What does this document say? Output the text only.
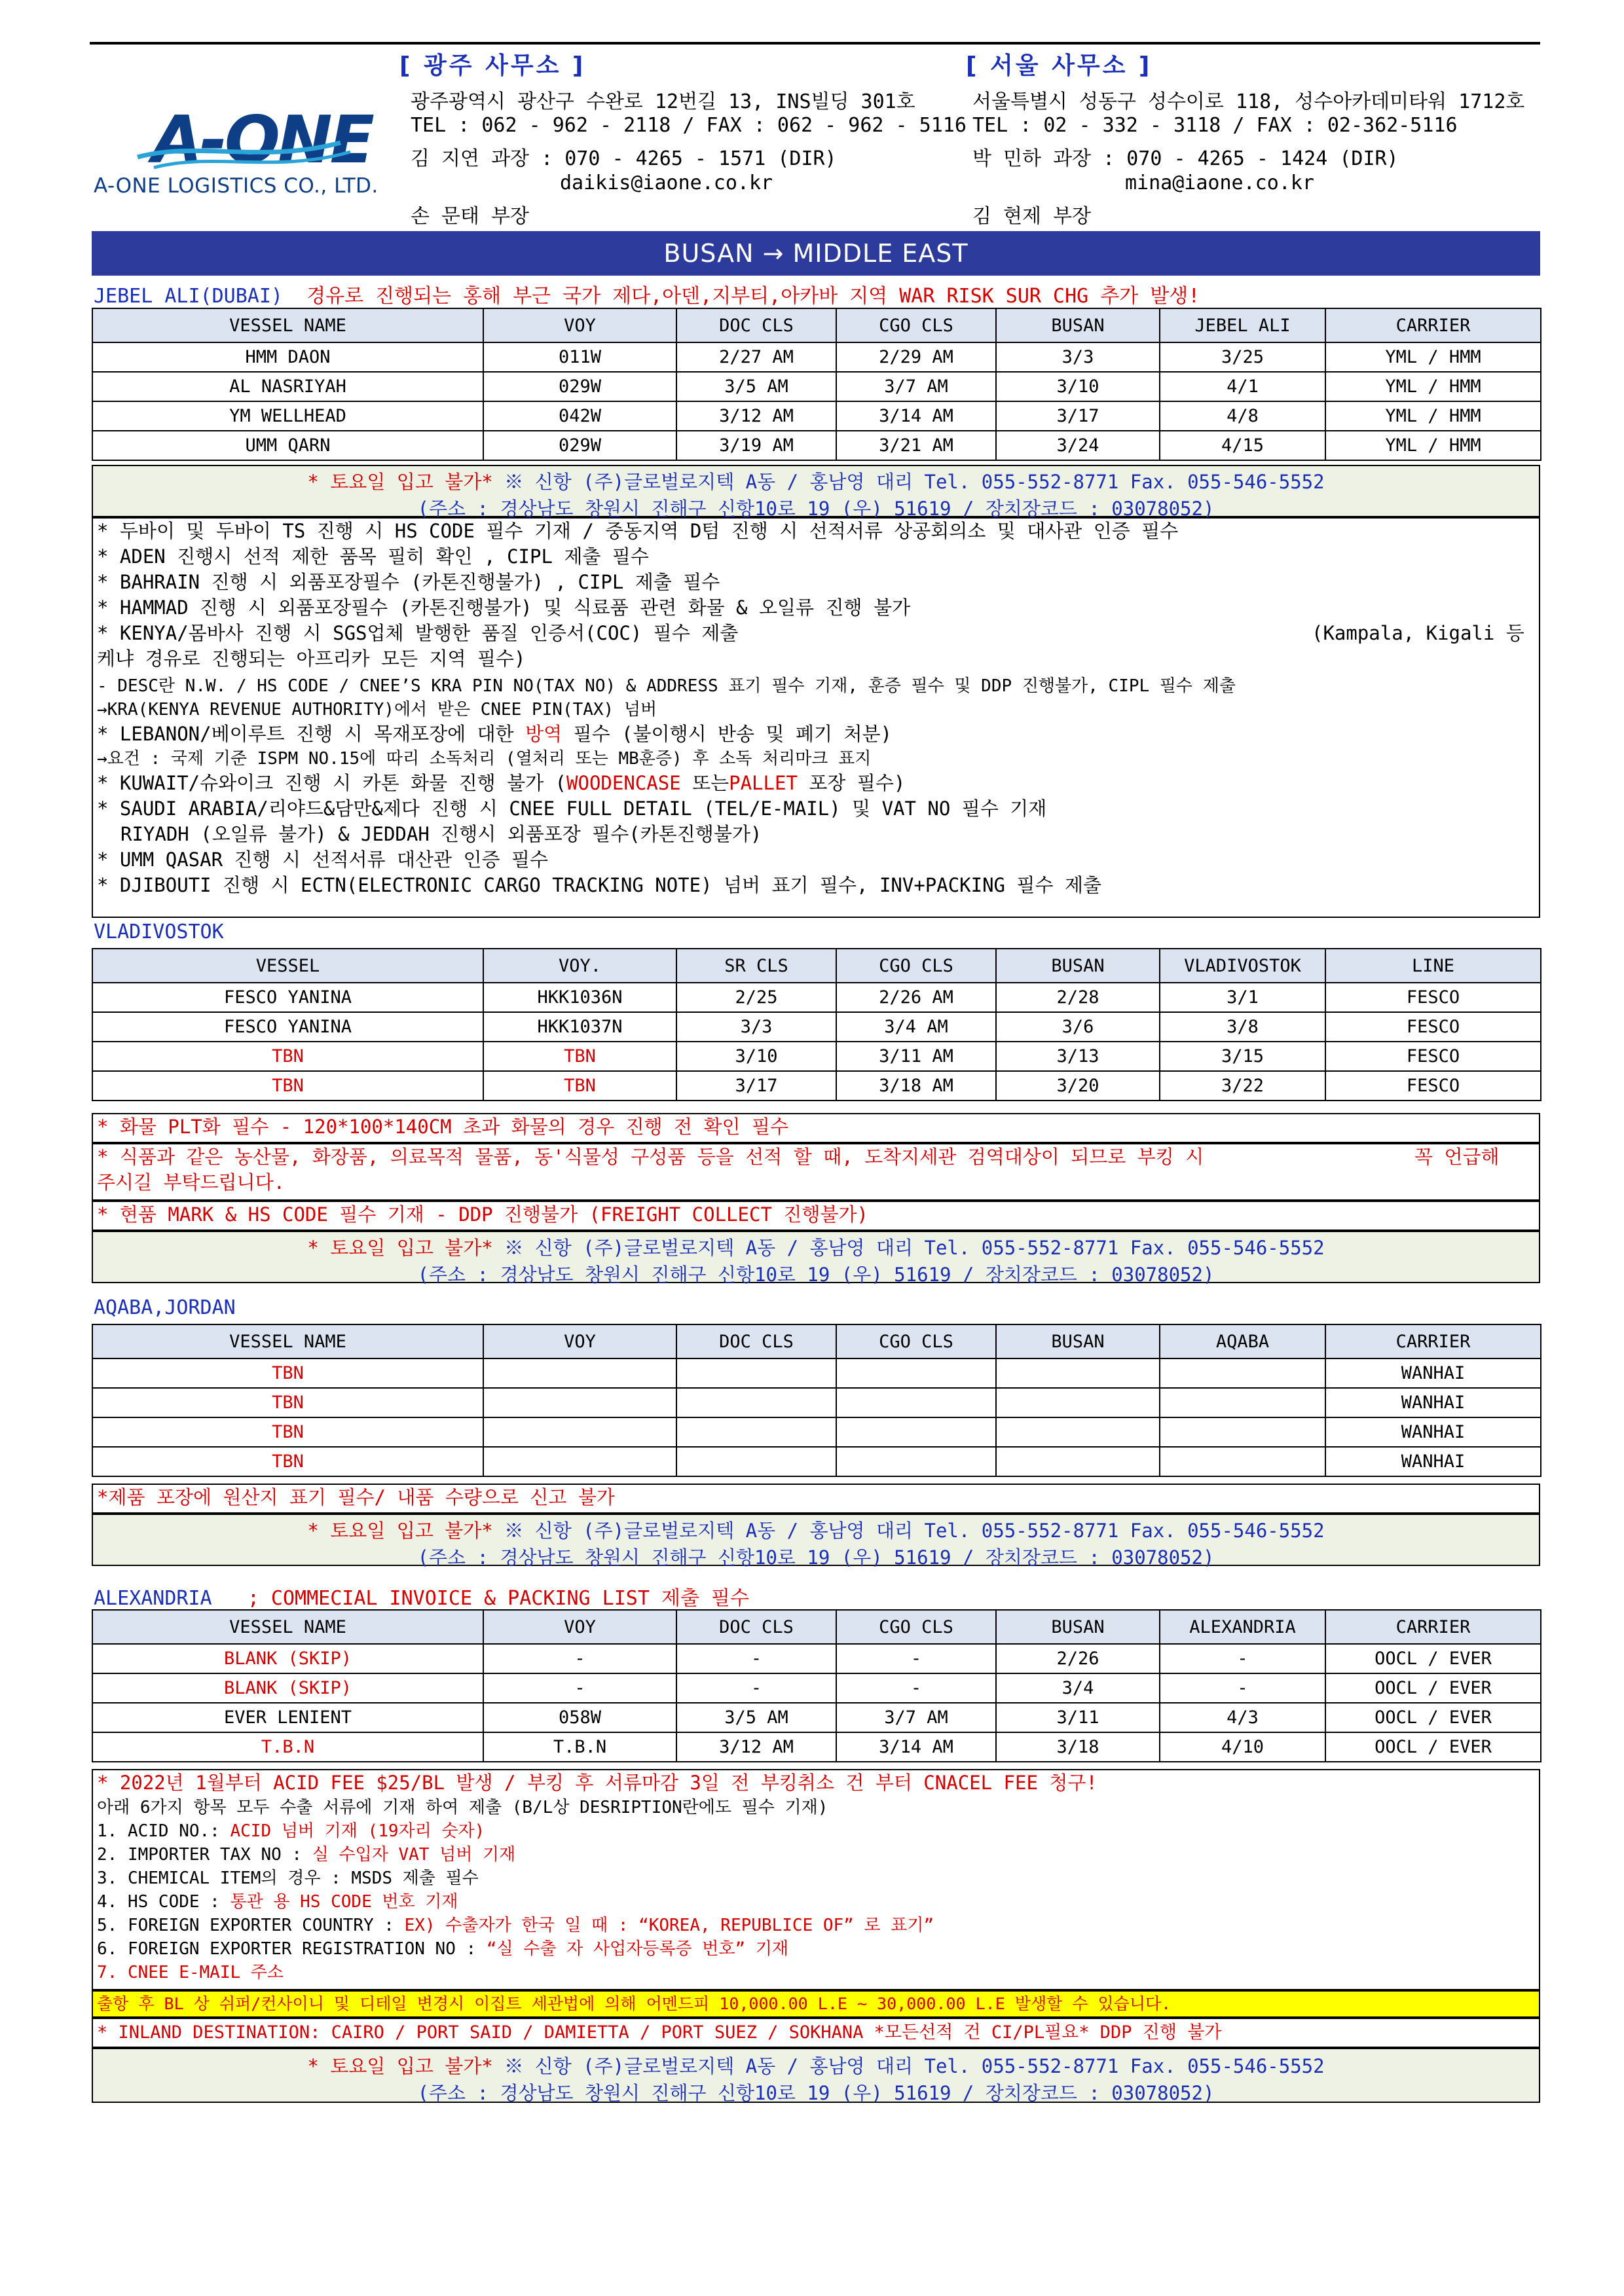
A-ONE
A-ONE LOGISTICS CO., LTD.
[ 광주 사무소 ]
광주광역시 광산구 수완로 12번길 13, INS빌딩 301호
TEL : 062 - 962 - 2118 / FAX : 062 - 962 - 5116
김 지연 과장 : 070 - 4265 - 1571 (DIR)
daikis@iaone.co.kr
손 문태 부장
[ 서울 사무소 ]
서울특별시 성동구 성수이로 118, 성수아카데미타워 1712호
TEL : 02 - 332 - 3118 / FAX : 02-362-5116
박 민하 과장 : 070 - 4265 - 1424 (DIR)
mina@iaone.co.kr
김 현제 부장
BUSAN → MIDDLE EAST
JEBEL ALI(DUBAI) 경유로 진행되는 홍해 부근 국가 제다,아덴,지부티,아카바 지역 WAR RISK SUR CHG 추가 발생!
VESSEL NAME	VOY	DOC CLS	CGO CLS	BUSAN	JEBEL ALI	CARRIER
HMM DAON	011W	2/27 AM	2/29 AM	3/3	3/25	YML / HMM
AL NASRIYAH	029W	3/5 AM	3/7 AM	3/10	4/1	YML / HMM
YM WELLHEAD	042W	3/12 AM	3/14 AM	3/17	4/8	YML / HMM
UMM QARN	029W	3/19 AM	3/21 AM	3/24	4/15	YML / HMM
* 토요일 입고 불가* ※ 신항 (주)글로벌로지텍 A동 / 홍남영 대리 Tel. 055-552-8771 Fax. 055-546-5552
(주소 : 경상남도 창원시 진해구 신항10로 19 (우) 51619 / 장치장코드 : 03078052)
* 두바이 및 두바이 TS 진행 시 HS CODE 필수 기재 / 중동지역 D텀 진행 시 선적서류 상공회의소 및 대사관 인증 필수
* ADEN 진행시 선적 제한 품목 필히 확인 , CIPL 제출 필수
* BAHRAIN 진행 시 외품포장필수 (카톤진행불가) , CIPL 제출 필수
* HAMMAD 진행 시 외품포장필수 (카톤진행불가) 및 식료품 관련 화물 & 오일류 진행 불가
* KENYA/몸바사 진행 시 SGS업체 발행한 품질 인증서(COC) 필수 제출	(Kampala, Kigali 등
케냐 경유로 진행되는 아프리카 모든 지역 필수)
- DESC란 N.W. / HS CODE / CNEE’S KRA PIN NO(TAX NO) & ADDRESS 표기 필수 기재, 훈증 필수 및 DDP 진행불가, CIPL 필수 제출
→KRA(KENYA REVENUE AUTHORITY)에서 받은 CNEE PIN(TAX) 넘버
* LEBANON/베이루트 진행 시 목재포장에 대한 방역 필수 (불이행시 반송 및 폐기 처분)
→요건 : 국제 기준 ISPM NO.15에 따리 소독처리 (열처리 또는 MB훈증) 후 소독 처리마크 표지
* KUWAIT/슈와이크 진행 시 카톤 화물 진행 불가 (WOODENCASE 또는PALLET 포장 필수)
* SAUDI ARABIA/리야드&담만&제다 진행 시 CNEE FULL DETAIL (TEL/E-MAIL) 및 VAT NO 필수 기재
RIYADH (오일류 불가) & JEDDAH 진행시 외품포장 필수(카톤진행불가)
* UMM QASAR 진행 시 선적서류 대산관 인증 필수
* DJIBOUTI 진행 시 ECTN(ELECTRONIC CARGO TRACKING NOTE) 넘버 표기 필수, INV+PACKING 필수 제출
VLADIVOSTOK
VESSEL	VOY.	SR CLS	CGO CLS	BUSAN	VLADIVOSTOK	LINE
FESCO YANINA	HKK1036N	2/25	2/26 AM	2/28	3/1	FESCO
FESCO YANINA	HKK1037N	3/3	3/4 AM	3/6	3/8	FESCO
TBN	TBN	3/10	3/11 AM	3/13	3/15	FESCO
TBN	TBN	3/17	3/18 AM	3/20	3/22	FESCO
* 화물 PLT화 필수 - 120*100*140CM 초과 화물의 경우 진행 전 확인 필수
* 식품과 같은 농산물, 화장품, 의료목적 물품, 동'식물성 구성품 등을 선적 할 때, 도착지세관 검역대상이 되므로 부킹 시	꼭 언급해
주시길 부탁드립니다.
* 현품 MARK & HS CODE 필수 기재 - DDP 진행불가 (FREIGHT COLLECT 진행불가)
* 토요일 입고 불가* ※ 신항 (주)글로벌로지텍 A동 / 홍남영 대리 Tel. 055-552-8771 Fax. 055-546-5552
(주소 : 경상남도 창원시 진해구 신항10로 19 (우) 51619 / 장치장코드 : 03078052)
AQABA,JORDAN
VESSEL NAME	VOY	DOC CLS	CGO CLS	BUSAN	AQABA	CARRIER
TBN						WANHAI
TBN						WANHAI
TBN						WANHAI
TBN						WANHAI
*제품 포장에 원산지 표기 필수/ 내품 수량으로 신고 불가
* 토요일 입고 불가* ※ 신항 (주)글로벌로지텍 A동 / 홍남영 대리 Tel. 055-552-8771 Fax. 055-546-5552
(주소 : 경상남도 창원시 진해구 신항10로 19 (우) 51619 / 장치장코드 : 03078052)
ALEXANDRIA ; COMMECIAL INVOICE & PACKING LIST 제출 필수
VESSEL NAME	VOY	DOC CLS	CGO CLS	BUSAN	ALEXANDRIA	CARRIER
BLANK (SKIP)	-	-	-	2/26	-	OOCL / EVER
BLANK (SKIP)	-	-	-	3/4	-	OOCL / EVER
EVER LENIENT	058W	3/5 AM	3/7 AM	3/11	4/3	OOCL / EVER
T.B.N	T.B.N	3/12 AM	3/14 AM	3/18	4/10	OOCL / EVER
* 2022년 1월부터 ACID FEE $25/BL 발생 / 부킹 후 서류마감 3일 전 부킹취소 건 부터 CNACEL FEE 청구!
아래 6가지 항목 모두 수출 서류에 기재 하여 제출 (B/L상 DESRIPTION란에도 필수 기재)
1. ACID NO.: ACID 넘버 기재 (19자리 숫자)
2. IMPORTER TAX NO : 실 수입자 VAT 넘버 기재
3. CHEMICAL ITEM의 경우 : MSDS 제출 필수
4. HS CODE : 통관 용 HS CODE 번호 기재
5. FOREIGN EXPORTER COUNTRY : EX) 수출자가 한국 일 때 : “KOREA, REPUBLICE OF” 로 표기”
6. FOREIGN EXPORTER REGISTRATION NO : “실 수출 자 사업자등록증 번호” 기재
7. CNEE E-MAIL 주소
출항 후 BL 상 쉬퍼/컨사이니 및 디테일 변경시 이집트 세관법에 의해 어멘드피 10,000.00 L.E ~ 30,000.00 L.E 발생할 수 있습니다.
* INLAND DESTINATION: CAIRO / PORT SAID / DAMIETTA / PORT SUEZ / SOKHANA *모든선적 건 CI/PL필요* DDP 진행 불가
* 토요일 입고 불가* ※ 신항 (주)글로벌로지텍 A동 / 홍남영 대리 Tel. 055-552-8771 Fax. 055-546-5552
(주소 : 경상남도 창원시 진해구 신항10로 19 (우) 51619 / 장치장코드 : 03078052)
